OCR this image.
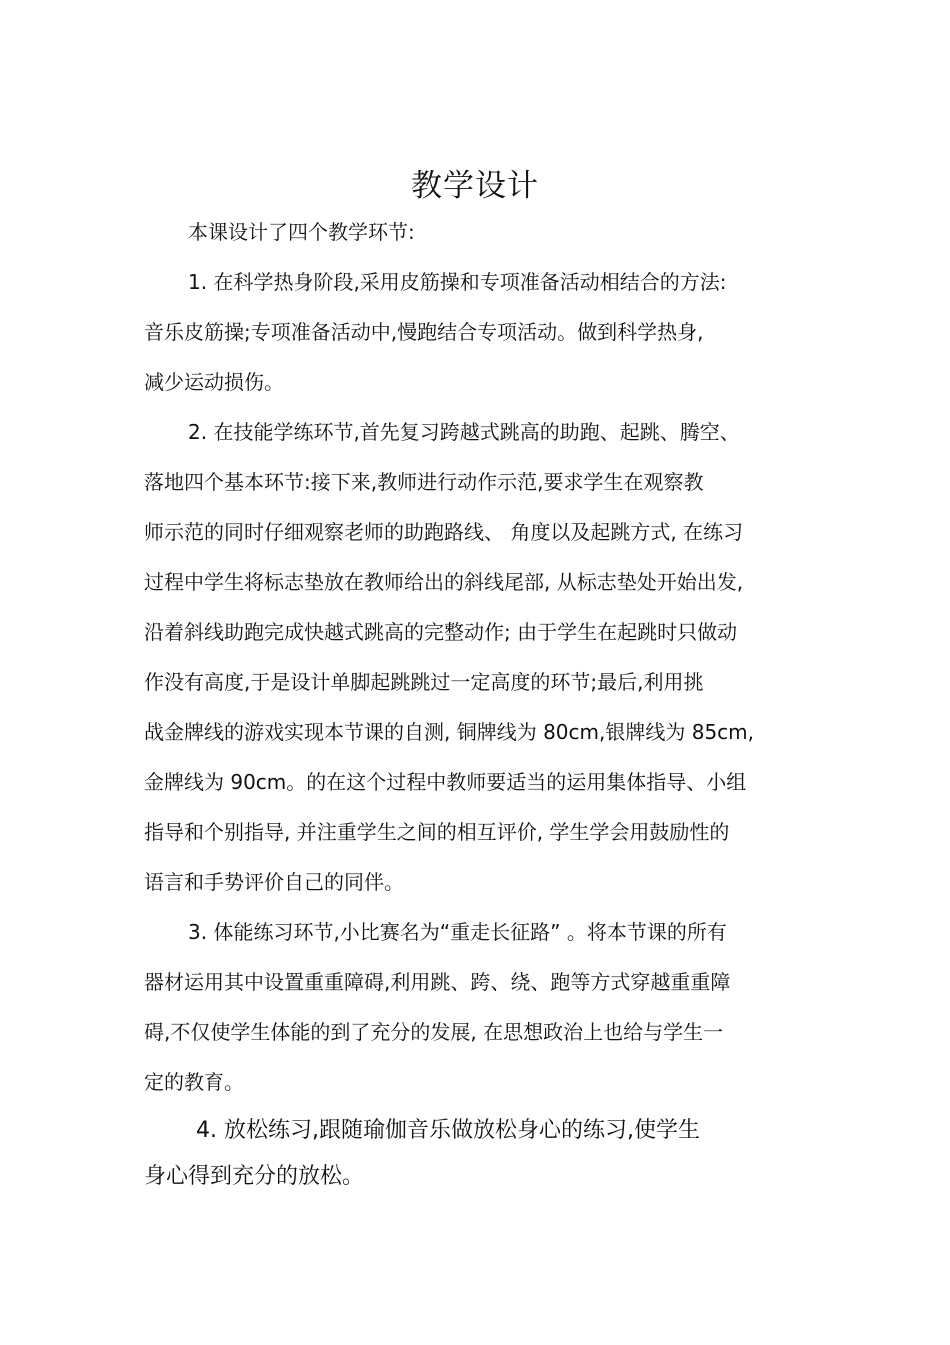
教学设计
本课设计了四个教学环节:
1. 在科学热身阶段,采用皮筋操和专项准备活动相结合的方法:
音乐皮筋操;专项准备活动中,慢跑结合专项活动。做到科学热身,
减少运动损伤。
2. 在技能学练环节,首先复习跨越式跳高的助跑、起跳、腾空、
落地四个基本环节:接下来,教师进行动作示范,要求学生在观察教
师示范的同时仔细观察老师的助跑路线、 角度以及起跳方式, 在练习
过程中学生将标志垫放在教师给出的斜线尾部, 从标志垫处开始出发,
沿着斜线助跑完成快越式跳高的完整动作; 由于学生在起跳时只做动
作没有高度,于是设计单脚起跳跳过一定高度的环节;最后,利用挑
战金牌线的游戏实现本节课的自测, 铜牌线为 80cm,银牌线为 85cm,
金牌线为 90cm。的在这个过程中教师要适当的运用集体指导、小组
指导和个别指导, 并注重学生之间的相互评价, 学生学会用鼓励性的
语言和手势评价自己的同伴。
3. 体能练习环节,小比赛名为“重走长征路” 。将本节课的所有
器材运用其中设置重重障碍,利用跳、跨、绕、跑等方式穿越重重障
碍,不仅使学生体能的到了充分的发展, 在思想政治上也给与学生一
定的教育。
4. 放松练习,跟随瑜伽音乐做放松身心的练习,使学生
身心得到充分的放松。
